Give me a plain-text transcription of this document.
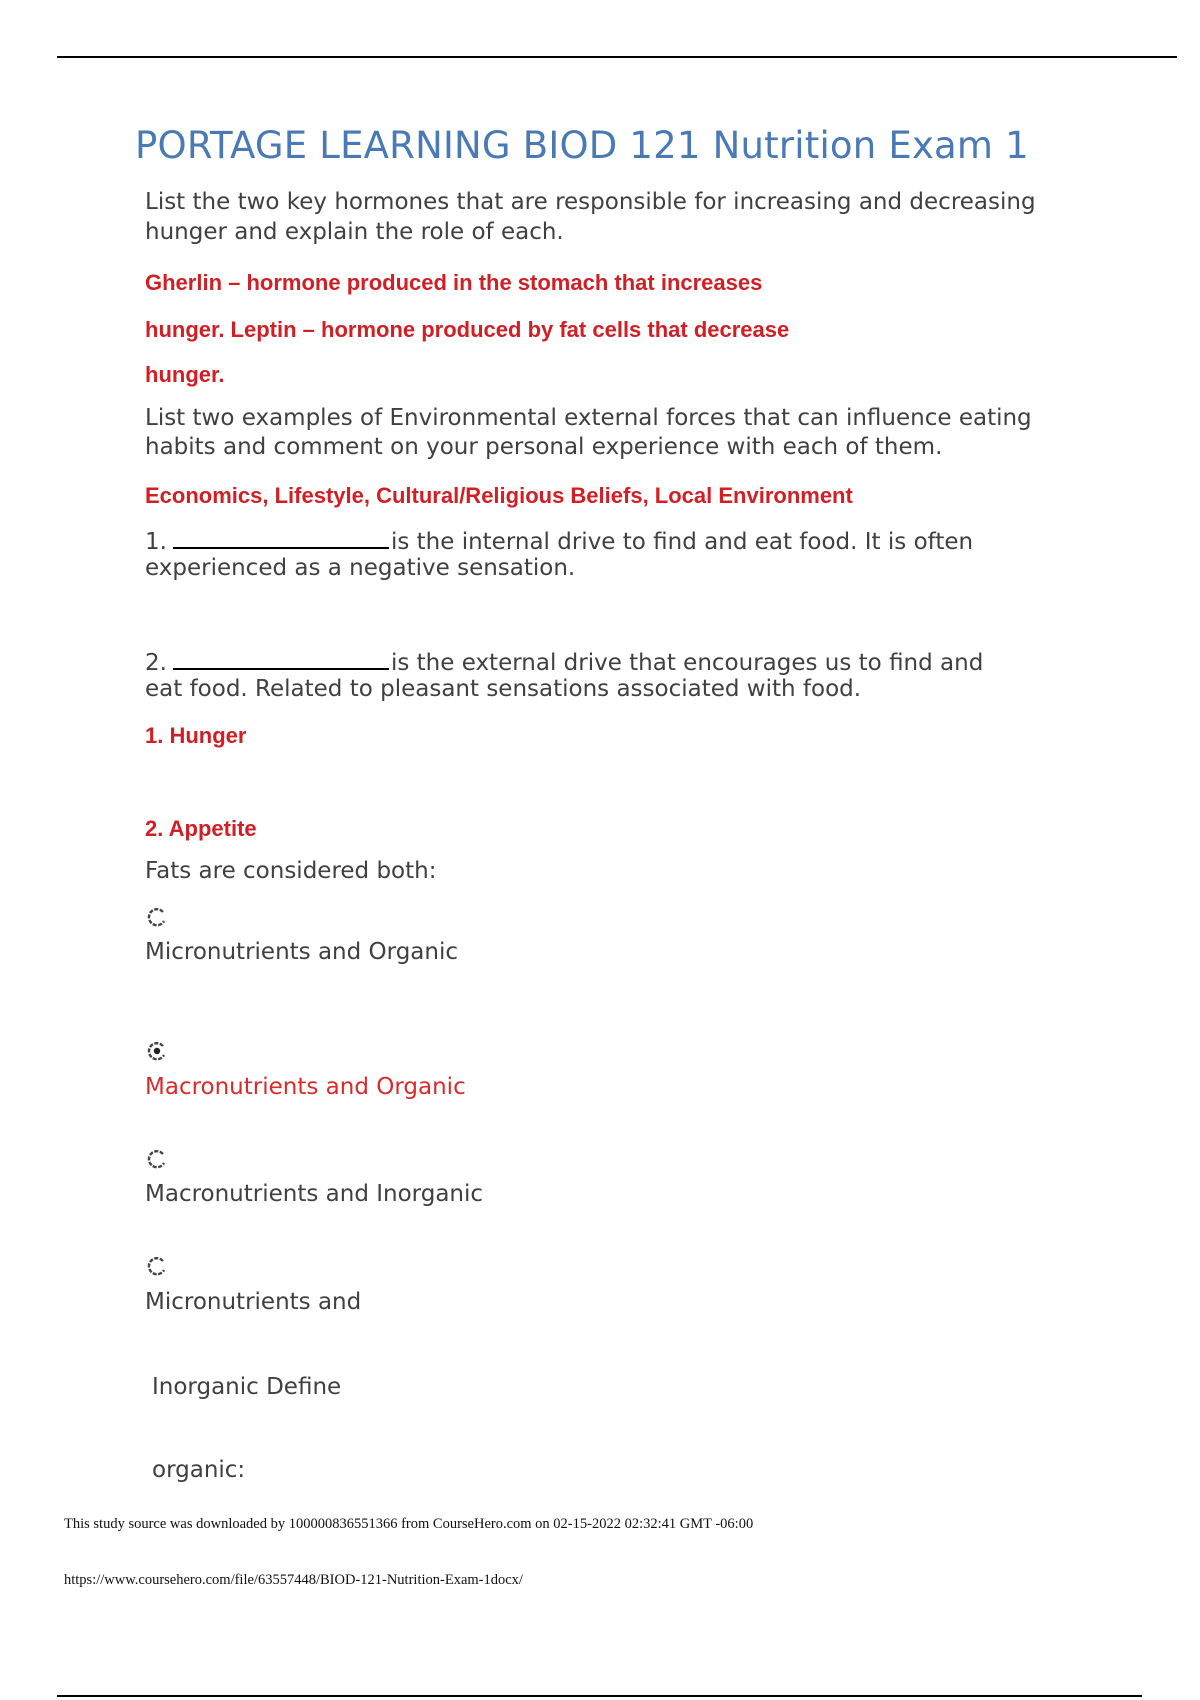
PORTAGE LEARNING BIOD 121 Nutrition Exam 1
List the two key hormones that are responsible for increasing and decreasing
hunger and explain the role of each.
Gherlin – hormone produced in the stomach that increases
hunger. Leptin – hormone produced by fat cells that decrease
hunger.
List two examples of Environmental external forces that can influence eating
habits and comment on your personal experience with each of them.
Economics, Lifestyle, Cultural/Religious Beliefs, Local Environment
1.	is the internal drive to find and eat food. It is often
experienced as a negative sensation.
2.	is the external drive that encourages us to find and
eat food. Related to pleasant sensations associated with food.
1. Hunger
2. Appetite
Fats are considered both:
Micronutrients and Organic
Macronutrients and Organic
Macronutrients and Inorganic
Micronutrients and
Inorganic Define
organic:
This study source was downloaded by 100000836551366 from CourseHero.com on 02-15-2022 02:32:41 GMT -06:00
https://www.coursehero.com/file/63557448/BIOD-121-Nutrition-Exam-1docx/
